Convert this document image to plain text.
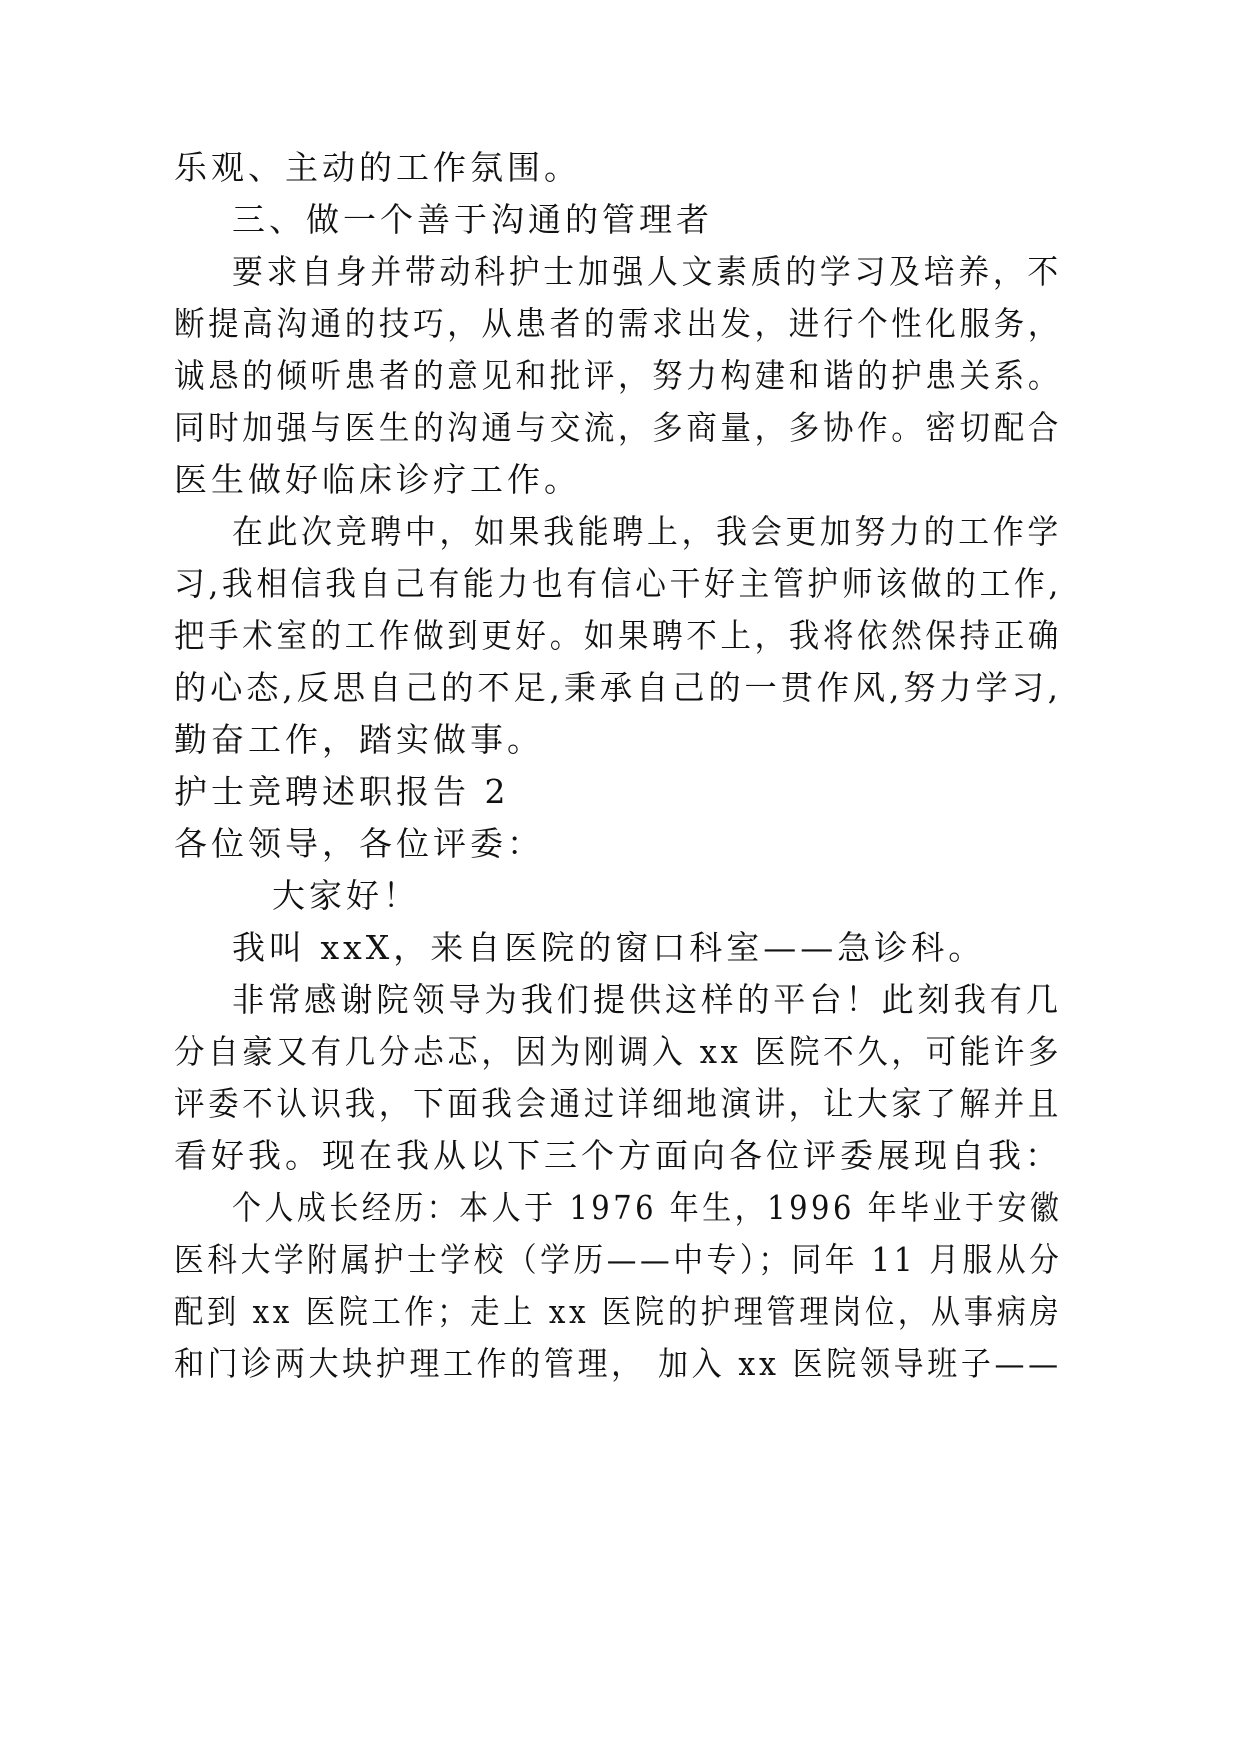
乐观、主动的工作氛围。
三、做一个善于沟通的管理者
要求自身并带动科护士加强人文素质的学习及培养，不
断提高沟通的技巧，从患者的需求出发，进行个性化服务，
诚恳的倾听患者的意见和批评，努力构建和谐的护患关系。
同时加强与医生的沟通与交流，多商量，多协作。密切配合
医生做好临床诊疗工作。
在此次竞聘中，如果我能聘上，我会更加努力的工作学
习,我相信我自己有能力也有信心干好主管护师该做的工作,
把手术室的工作做到更好。如果聘不上，我将依然保持正确
的心态,反思自己的不足,秉承自己的一贯作风,努力学习,
勤奋工作，踏实做事。
护士竞聘述职报告 2
各位领导，各位评委：
大家好！
我叫 xxX，来自医院的窗口科室——急诊科。
非常感谢院领导为我们提供这样的平台！此刻我有几
分自豪又有几分忐忑，因为刚调入 xx 医院不久，可能许多
评委不认识我，下面我会通过详细地演讲，让大家了解并且
看好我。现在我从以下三个方面向各位评委展现自我：
个人成长经历：本人于 1976 年生，1996 年毕业于安徽
医科大学附属护士学校（学历——中专）；同年 11 月服从分
配到 xx 医院工作；走上 xx 医院的护理管理岗位，从事病房
和门诊两大块护理工作的管理， 加入 xx 医院领导班子——
